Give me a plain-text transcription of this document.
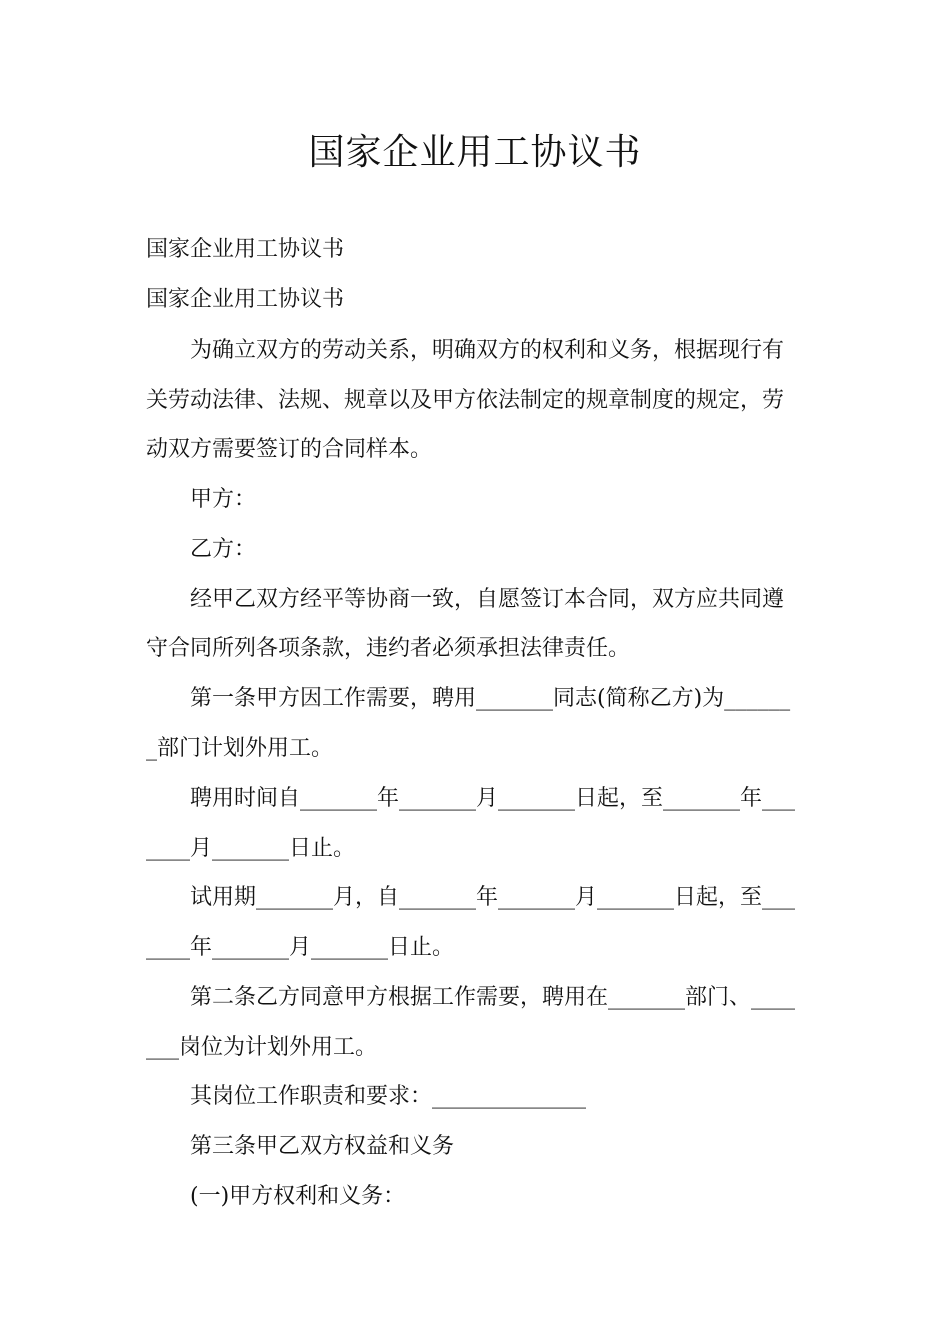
国家企业用工协议书
国家企业用工协议书
国家企业用工协议书
　　为确立双方的劳动关系，明确双方的权利和义务，根据现行有
关劳动法律、法规、规章以及甲方依法制定的规章制度的规定，劳
动双方需要签订的合同样本。
　　甲方：
　　乙方：
　　经甲乙双方经平等协商一致，自愿签订本合同，双方应共同遵
守合同所列各项条款，违约者必须承担法律责任。
　　第一条甲方因工作需要，聘用_______同志(简称乙方)为______
_部门计划外用工。
　　聘用时间自_______年_______月_______日起，至_______年___
____月_______日止。
　　试用期_______月，自_______年_______月_______日起，至___
____年_______月_______日止。
　　第二条乙方同意甲方根据工作需要，聘用在_______部门、____
___岗位为计划外用工。
　　其岗位工作职责和要求：______________
　　第三条甲乙双方权益和义务
　　(一)甲方权利和义务：
